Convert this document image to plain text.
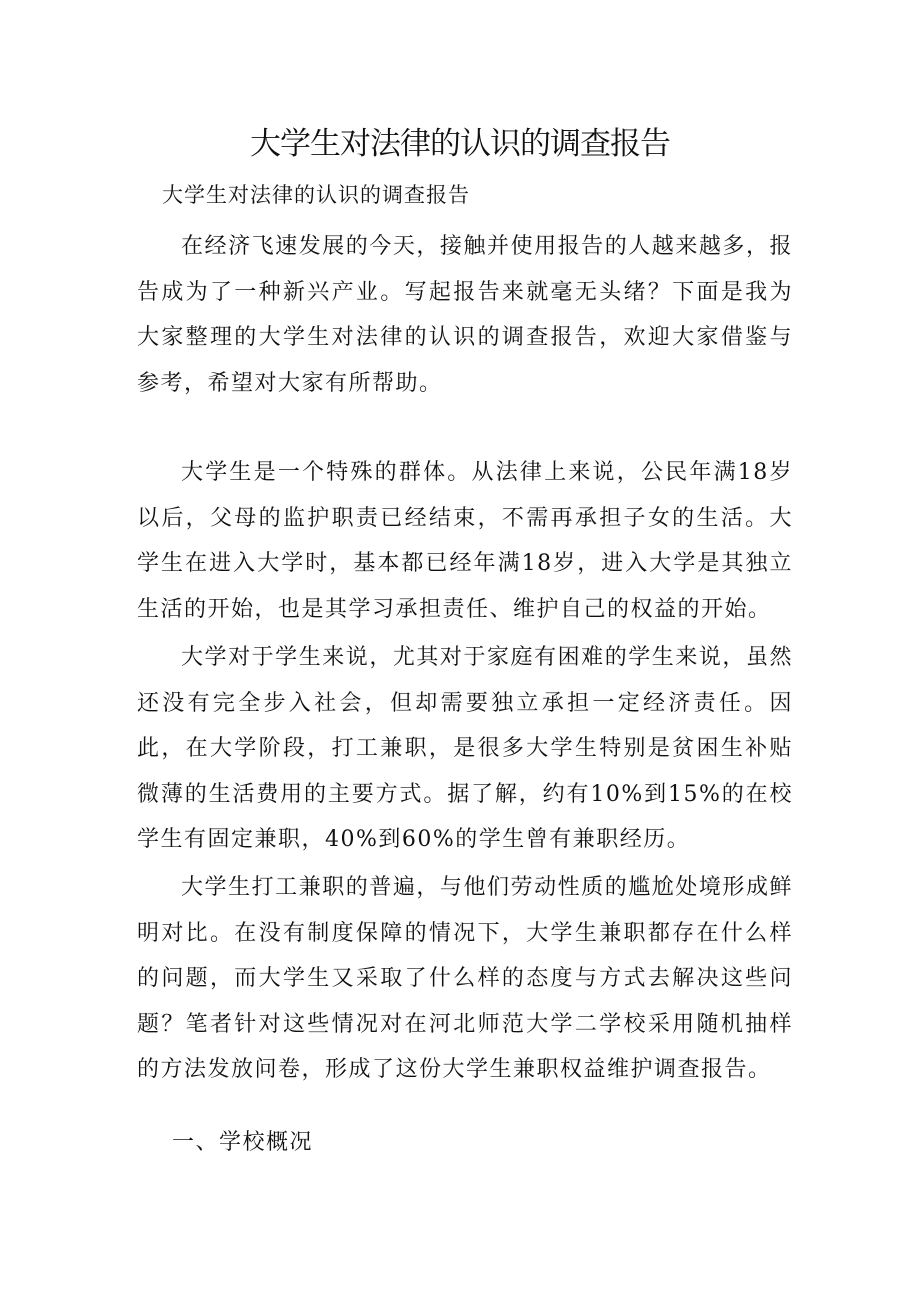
大学生对法律的认识的调查报告

大学生对法律的认识的调查报告

在经济飞速发展的今天，接触并使用报告的人越来越多，报告成为了一种新兴产业。写起报告来就毫无头绪？下面是我为大家整理的大学生对法律的认识的调查报告，欢迎大家借鉴与参考，希望对大家有所帮助。

大学生是一个特殊的群体。从法律上来说，公民年满18岁以后，父母的监护职责已经结束，不需再承担子女的生活。大学生在进入大学时，基本都已经年满18岁，进入大学是其独立生活的开始，也是其学习承担责任、维护自己的权益的开始。

大学对于学生来说，尤其对于家庭有困难的学生来说，虽然还没有完全步入社会，但却需要独立承担一定经济责任。因此，在大学阶段，打工兼职，是很多大学生特别是贫困生补贴微薄的生活费用的主要方式。据了解，约有10%到15%的在校学生有固定兼职，40%到60%的学生曾有兼职经历。

大学生打工兼职的普遍，与他们劳动性质的尴尬处境形成鲜明对比。在没有制度保障的情况下，大学生兼职都存在什么样的问题，而大学生又采取了什么样的态度与方式去解决这些问题？笔者针对这些情况对在河北师范大学二学校采用随机抽样的方法发放问卷，形成了这份大学生兼职权益维护调查报告。

一、学校概况
